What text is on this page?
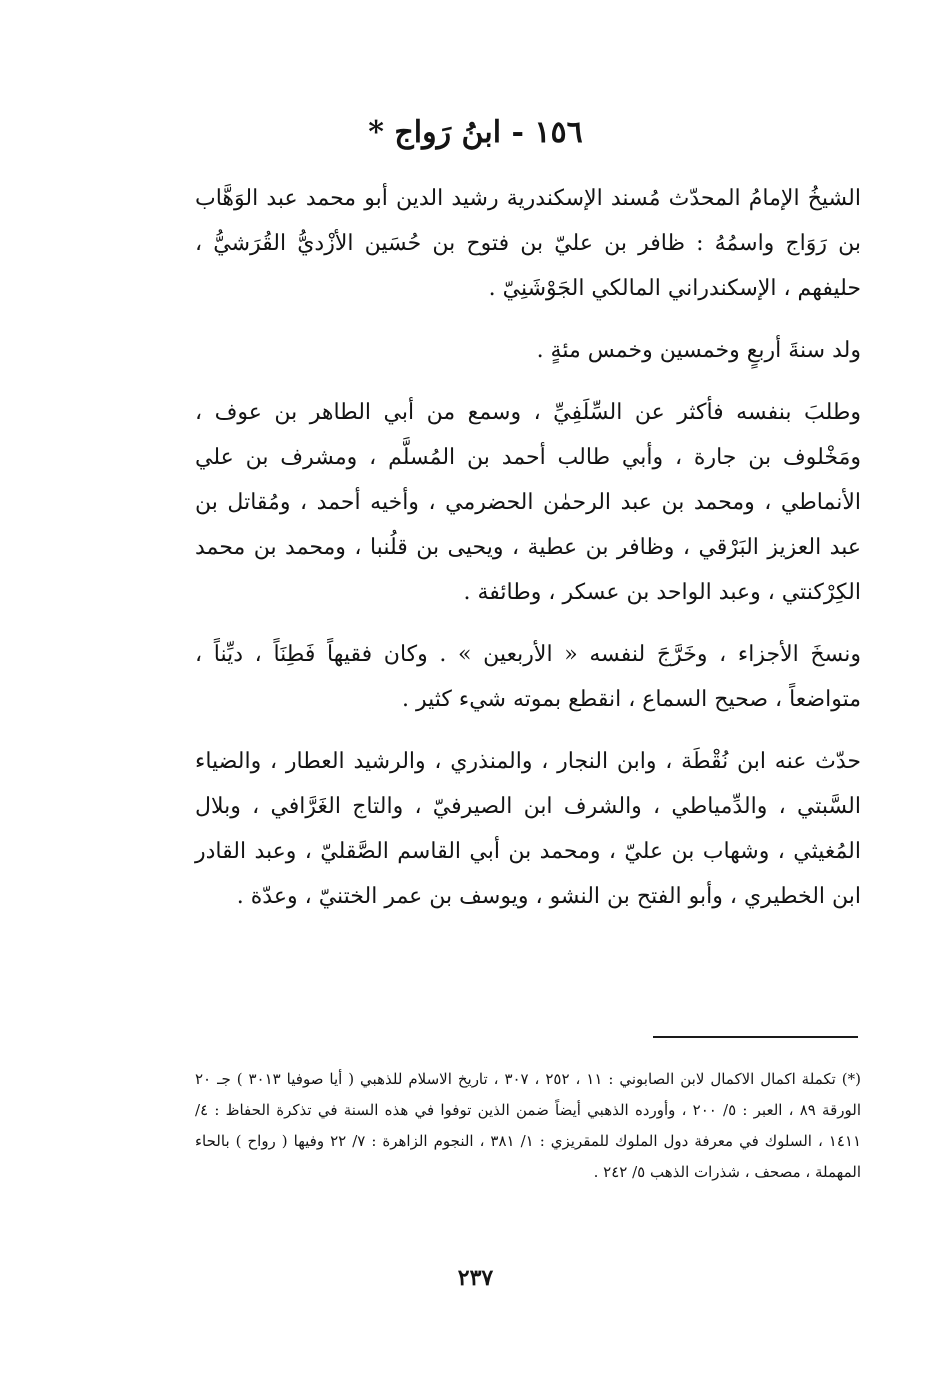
١٥٦ - ابنُ رَواج *

الشيخُ الإمامُ المحدّث مُسند الإسكندرية رشيد الدين أبو محمد عبد الوَهَّاب بن رَوَاج واسمُهُ : ظافر بن عليّ بن فتوح بن حُسَين الأزْديُّ القُرَشيُّ ، حليفهم ، الإسكندراني المالكي الجَوْشَنِيّ .

ولد سنةَ أربعٍ وخمسين وخمس مئةٍ .

وطلبَ بنفسه فأكثر عن السِّلَفِيِّ ، وسمع من أبي الطاهر بن عوف ، ومَخْلوف بن جارة ، وأبي طالب أحمد بن المُسلَّم ، ومشرف بن علي الأنماطي ، ومحمد بن عبد الرحمٰن الحضرمي ، وأخيه أحمد ، ومُقاتل بن عبد العزيز البَرْقي ، وظافر بن عطية ، ويحيى بن قلُنبا ، ومحمد بن محمد الكِرْكنتي ، وعبد الواحد بن عسكر ، وطائفة .

ونسخَ الأجزاء ، وخَرَّجَ لنفسه « الأربعين » . وكان فقيهاً فَطِنَاً ، ديِّناً ، متواضعاً ، صحيح السماع ، انقطع بموته شيء كثير .

حدّث عنه ابن نُقْطَة ، وابن النجار ، والمنذري ، والرشيد العطار ، والضياء السَّبتي ، والدِّمياطي ، والشرف ابن الصيرفيّ ، والتاج الغَرَّافي ، وبلال المُغيثي ، وشهاب بن عليّ ، ومحمد بن أبي القاسم الصَّقليّ ، وعبد القادر ابن الخطيري ، وأبو الفتح بن النشو ، ويوسف بن عمر الختنيّ ، وعدّة .

(*) تكملة اكمال الاكمال لابن الصابوني : ١١ ، ٢٥٢ ، ٣٠٧ ، تاريخ الاسلام للذهبي ( أيا صوفيا ٣٠١٣ ) جـ ٢٠ الورقة ٨٩ ، العبر : ٥/ ٢٠٠ ، وأورده الذهبي أيضاً ضمن الذين توفوا في هذه السنة في تذكرة الحفاظ : ٤/ ١٤١١ ، السلوك في معرفة دول الملوك للمقريزي : ١/ ٣٨١ ، النجوم الزاهرة : ٧/ ٢٢ وفيها ( رواح ) بالحاء المهملة ، مصحف ، شذرات الذهب ٥/ ٢٤٢ .

٢٣٧
